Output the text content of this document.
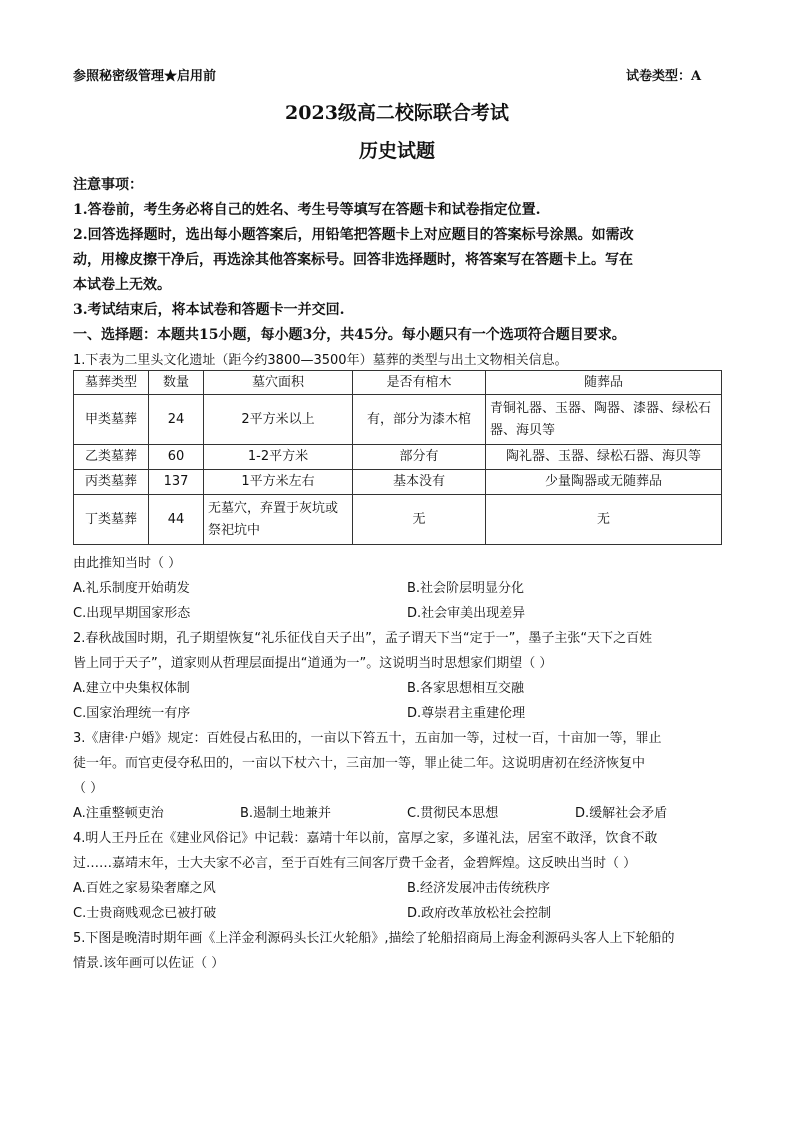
参照秘密级管理★启用前	试卷类型：A
2023级高二校际联合考试
历史试题
注意事项：
1.答卷前，考生务必将自己的姓名、考生号等填写在答题卡和试卷指定位置.
2.回答选择题时，选出每小题答案后，用铅笔把答题卡上对应题目的答案标号涂黑。如需改
动，用橡皮擦干净后，再选涂其他答案标号。回答非选择题时，将答案写在答题卡上。写在
本试卷上无效。
3.考试结束后，将本试卷和答题卡一并交回.
一、选择题：本题共15小题，每小题3分，共45分。每小题只有一个选项符合题目要求。
1.下表为二里头文化遗址（距今约3800—3500年）墓葬的类型与出土文物相关信息。
墓葬类型	数量	墓穴面积	是否有棺木	随葬品
甲类墓葬	24	2平方米以上	有，部分为漆木棺	青铜礼器、玉器、陶器、漆器、绿松石器、海贝等
乙类墓葬	60	1-2平方米	部分有	陶礼器、玉器、绿松石器、海贝等
丙类墓葬	137	1平方米左右	基本没有	少量陶器或无随葬品
丁类墓葬	44	无墓穴，弃置于灰坑或祭祀坑中	无	无
由此推知当时（ ）
A.礼乐制度开始萌发	B.社会阶层明显分化
C.出现早期国家形态	D.社会审美出现差异
2.春秋战国时期，孔子期望恢复“礼乐征伐自天子出”，孟子谓天下当“定于一”，墨子主张“天下之百姓
皆上同于天子”，道家则从哲理层面提出“道通为一”。这说明当时思想家们期望（ ）
A.建立中央集权体制	B.各家思想相互交融
C.国家治理统一有序	D.尊崇君主重建伦理
3.《唐律·户婚》规定：百姓侵占私田的，一亩以下笞五十，五亩加一等，过杖一百，十亩加一等，罪止
徒一年。而官吏侵夺私田的，一亩以下杖六十，三亩加一等，罪止徒二年。这说明唐初在经济恢复中
（ ）
A.注重整顿吏治	B.遏制土地兼并	C.贯彻民本思想	D.缓解社会矛盾
4.明人王丹丘在《建业风俗记》中记载：嘉靖十年以前，富厚之家，多谨礼法，居室不敢泽，饮食不敢
过……嘉靖末年，士大夫家不必言，至于百姓有三间客厅费千金者，金碧辉煌。这反映出当时（ ）
A.百姓之家易染奢靡之风	B.经济发展冲击传统秩序
C.士贵商贱观念已被打破	D.政府改革放松社会控制
5.下图是晚清时期年画《上洋金利源码头长江火轮船》,描绘了轮船招商局上海金利源码头客人上下轮船的
情景.该年画可以佐证（ ）
